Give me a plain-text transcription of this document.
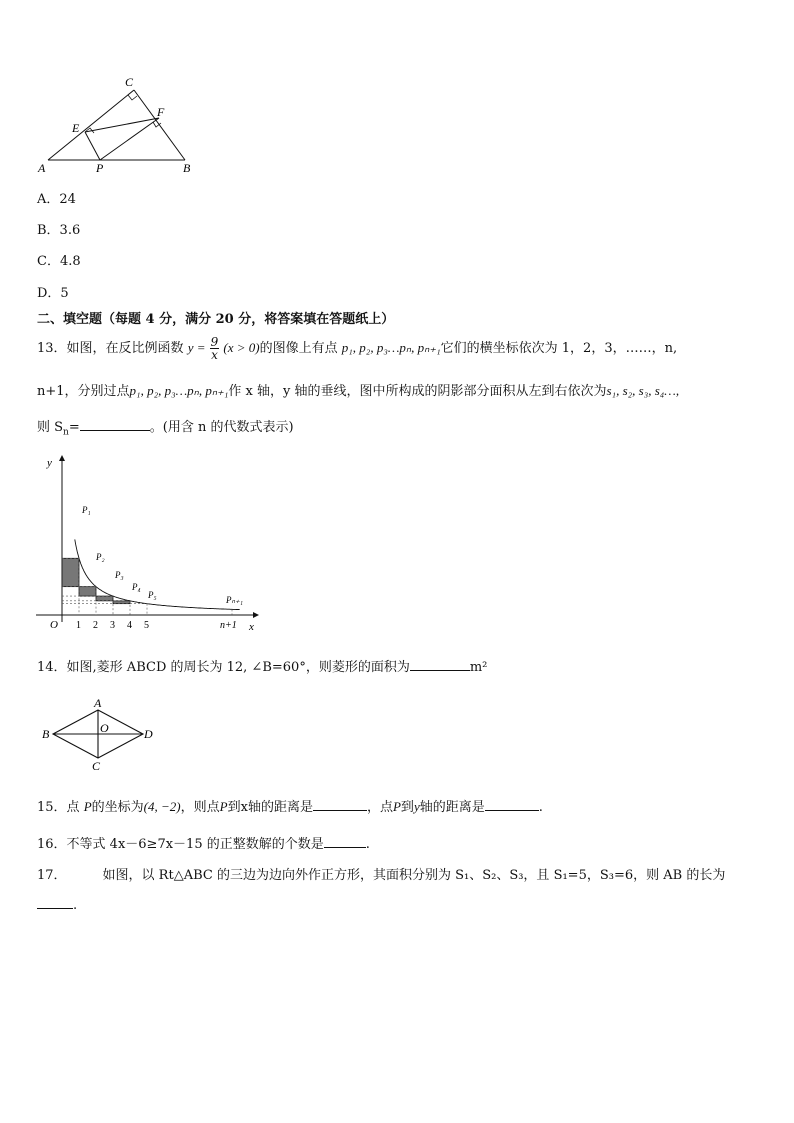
C
E
F
A	P	B
A．24
B．3.6
C．4.8
D．5
二、填空题（每题 4 分，满分 20 分，将答案填在答题纸上）
13．如图，在反比例函数 $y = \frac{9}{x} (x > 0)$的图像上有点 p₁, p₂, p₃…pₙ, pₙ₊₁它们的横坐标依次为 1，2，3，……，n,
n+1，分别过点p₁, p₂, p₃…pₙ, pₙ₊₁作 x 轴，y 轴的垂线，图中所构成的阴影部分面积从左到右依次为s₁, s₂, s₃, s₄…,
则 $S_n=$	。(用含 n 的代数式表示)
y
x
O 1 2 3 4 5	n+1
P₁
P₂
P₃
P₄
P₅	Pₙ₊₁
14．如图,菱形 ABCD 的周长为 12, ∠B=60°，则菱形的面积为	m²
A
B
C
D
O
15．点 P的坐标为(4, −2)，则点P到x轴的距离是	，点P到y轴的距离是	.
16．不等式 4x－6≥7x－15 的正整数解的个数是	.
17．	如图，以 Rt△ABC 的三边为边向外作正方形，其面积分别为 S₁、S₂、S₃，且 S₁=5，S₃=6，则 AB 的长为
.
